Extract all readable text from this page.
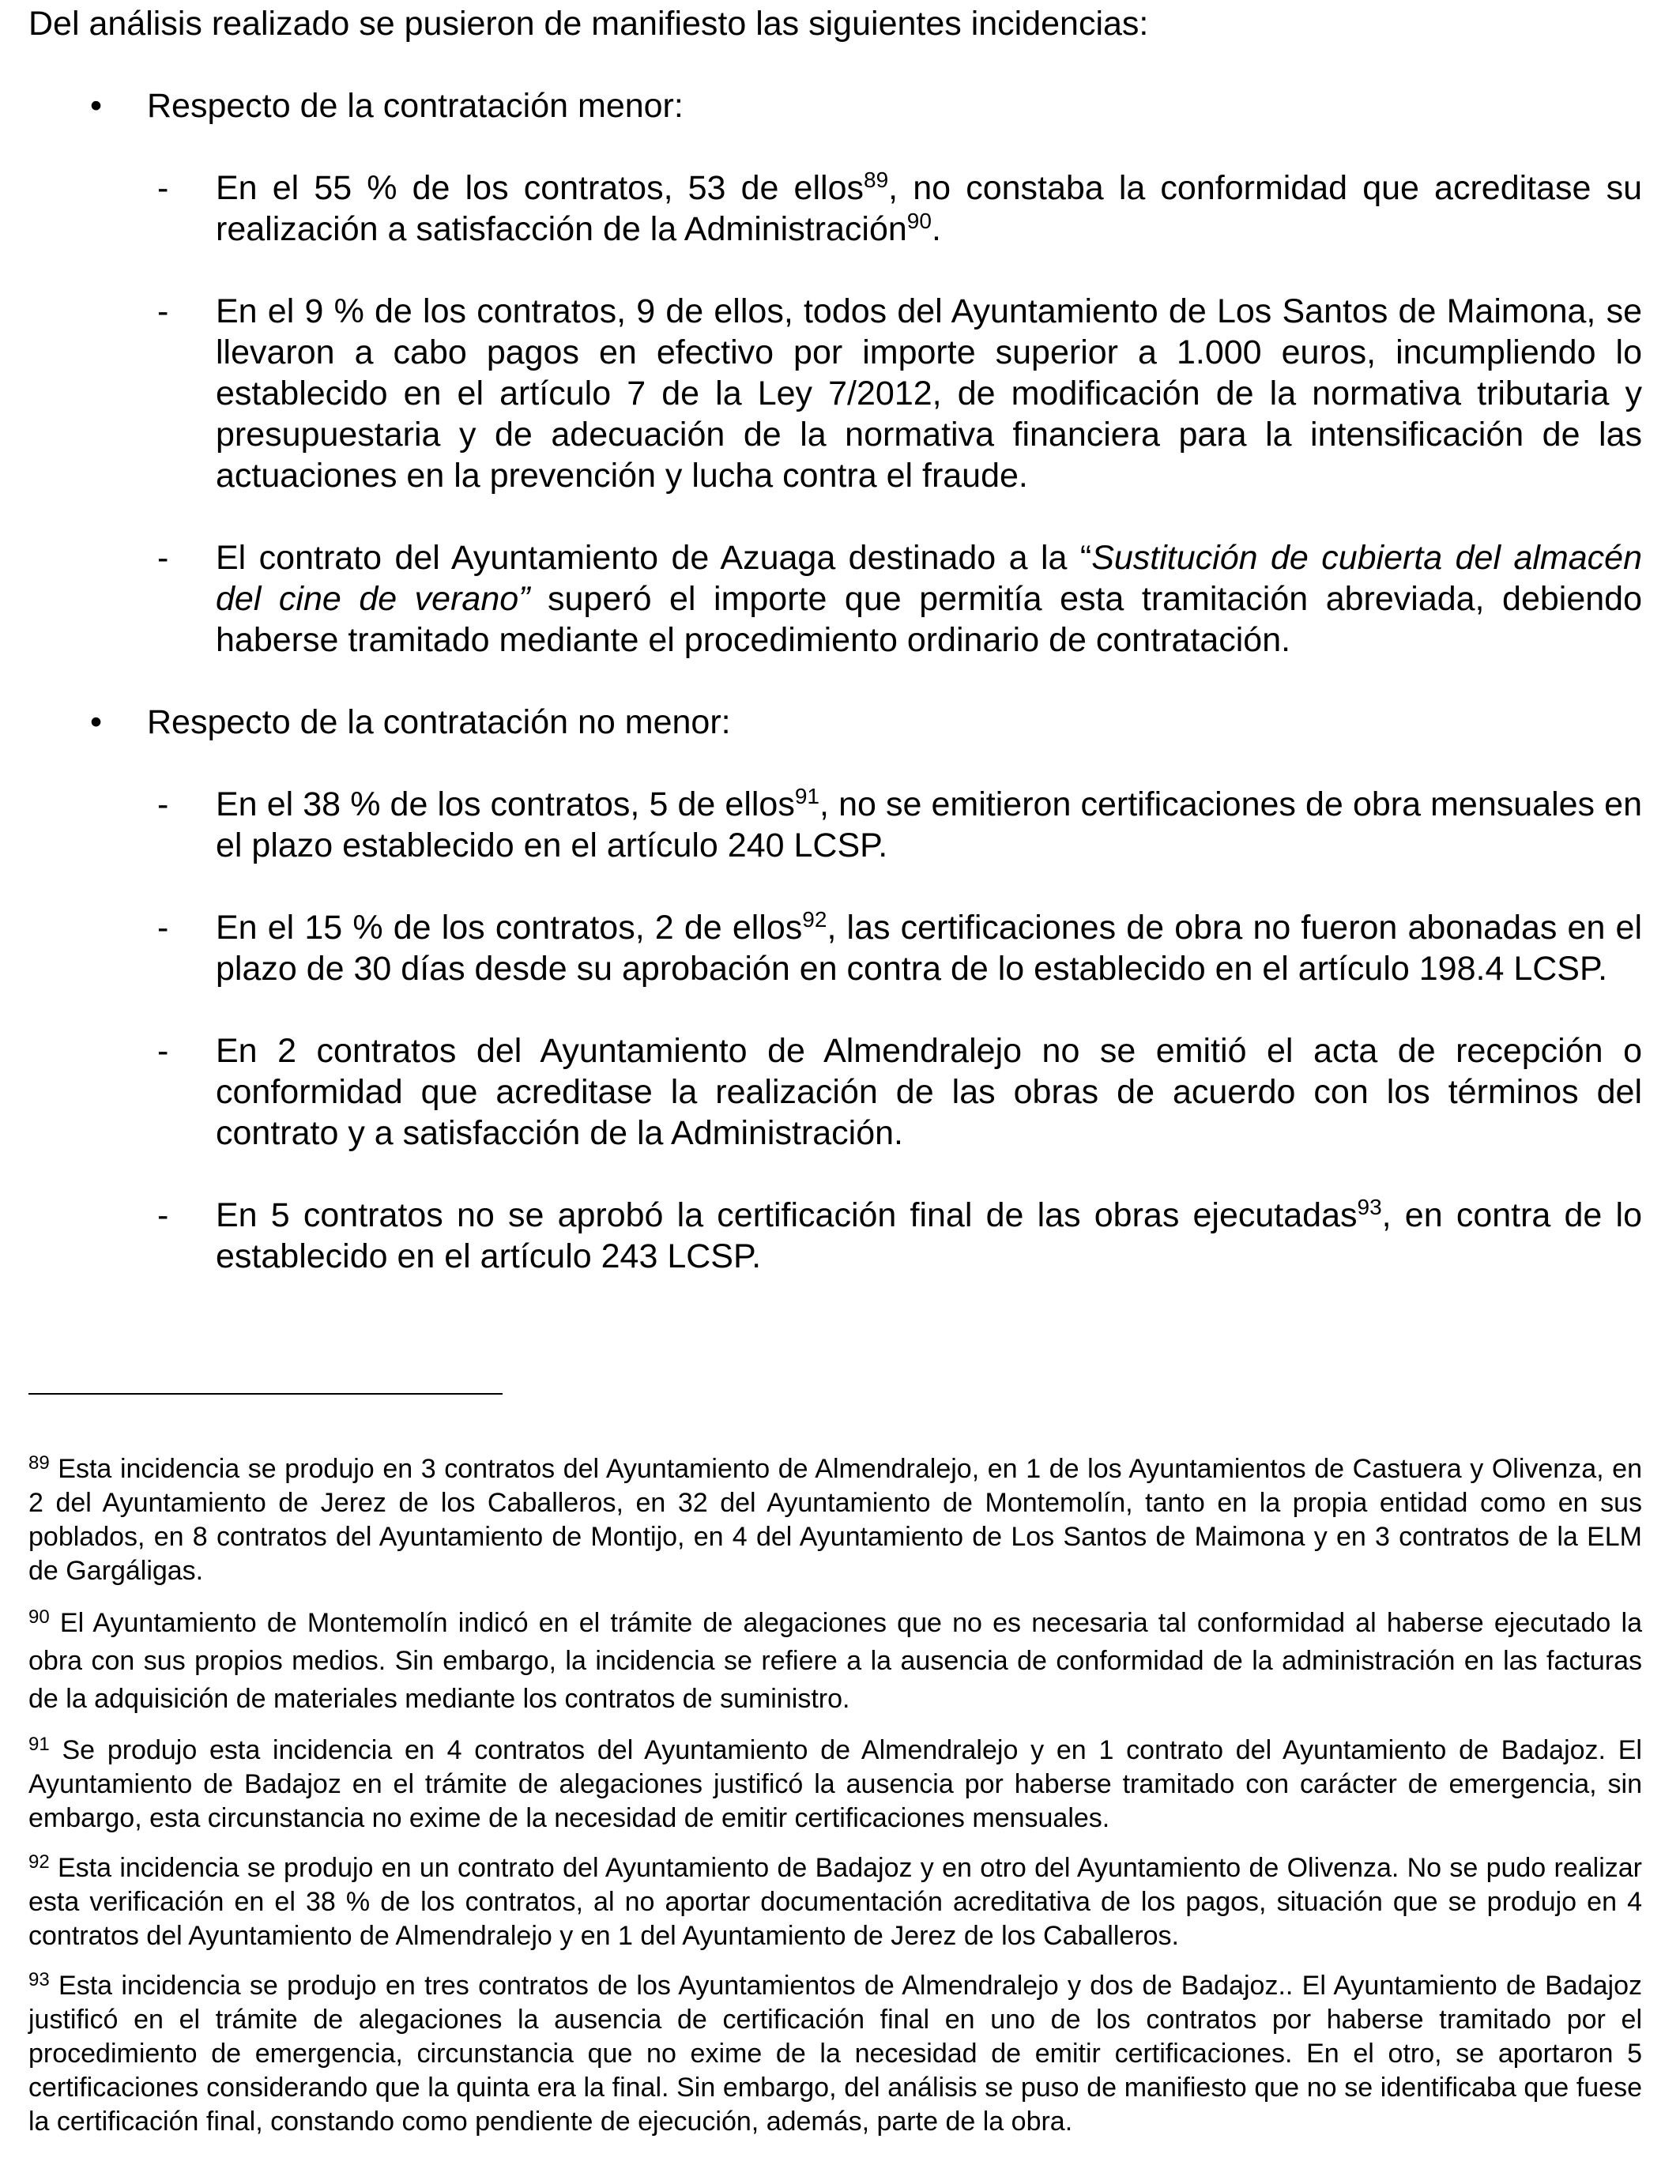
Del análisis realizado se pusieron de manifiesto las siguientes incidencias:

• Respecto de la contratación menor:
- En el 55 % de los contratos, 53 de ellos$^{89}$, no constaba la conformidad que acreditase su realización a satisfacción de la Administración$^{90}$.
- En el 9 % de los contratos, 9 de ellos, todos del Ayuntamiento de Los Santos de Maimona, se llevaron a cabo pagos en efectivo por importe superior a 1.000 euros, incumpliendo lo establecido en el artículo 7 de la Ley 7/2012, de modificación de la normativa tributaria y presupuestaria y de adecuación de la normativa financiera para la intensificación de las actuaciones en la prevención y lucha contra el fraude.
- El contrato del Ayuntamiento de Azuaga destinado a la “Sustitución de cubierta del almacén del cine de verano” superó el importe que permitía esta tramitación abreviada, debiendo haberse tramitado mediante el procedimiento ordinario de contratación.
• Respecto de la contratación no menor:
- En el 38 % de los contratos, 5 de ellos$^{91}$, no se emitieron certificaciones de obra mensuales en el plazo establecido en el artículo 240 LCSP.
- En el 15 % de los contratos, 2 de ellos$^{92}$, las certificaciones de obra no fueron abonadas en el plazo de 30 días desde su aprobación en contra de lo establecido en el artículo 198.4 LCSP.
- En 2 contratos del Ayuntamiento de Almendralejo no se emitió el acta de recepción o conformidad que acreditase la realización de las obras de acuerdo con los términos del contrato y a satisfacción de la Administración.
- En 5 contratos no se aprobó la certificación final de las obras ejecutadas$^{93}$, en contra de lo establecido en el artículo 243 LCSP.

$^{89}$ Esta incidencia se produjo en 3 contratos del Ayuntamiento de Almendralejo, en 1 de los Ayuntamientos de Castuera y Olivenza, en 2 del Ayuntamiento de Jerez de los Caballeros, en 32 del Ayuntamiento de Montemolín, tanto en la propia entidad como en sus poblados, en 8 contratos del Ayuntamiento de Montijo, en 4 del Ayuntamiento de Los Santos de Maimona y en 3 contratos de la ELM de Gargáligas.

$^{90}$ El Ayuntamiento de Montemolín indicó en el trámite de alegaciones que no es necesaria tal conformidad al haberse ejecutado la obra con sus propios medios. Sin embargo, la incidencia se refiere a la ausencia de conformidad de la administración en las facturas de la adquisición de materiales mediante los contratos de suministro.

$^{91}$ Se produjo esta incidencia en 4 contratos del Ayuntamiento de Almendralejo y en 1 contrato del Ayuntamiento de Badajoz. El Ayuntamiento de Badajoz en el trámite de alegaciones justificó la ausencia por haberse tramitado con carácter de emergencia, sin embargo, esta circunstancia no exime de la necesidad de emitir certificaciones mensuales.

$^{92}$ Esta incidencia se produjo en un contrato del Ayuntamiento de Badajoz y en otro del Ayuntamiento de Olivenza. No se pudo realizar esta verificación en el 38 % de los contratos, al no aportar documentación acreditativa de los pagos, situación que se produjo en 4 contratos del Ayuntamiento de Almendralejo y en 1 del Ayuntamiento de Jerez de los Caballeros.

$^{93}$ Esta incidencia se produjo en tres contratos de los Ayuntamientos de Almendralejo y dos de Badajoz.. El Ayuntamiento de Badajoz justificó en el trámite de alegaciones la ausencia de certificación final en uno de los contratos por haberse tramitado por el procedimiento de emergencia, circunstancia que no exime de la necesidad de emitir certificaciones. En el otro, se aportaron 5 certificaciones considerando que la quinta era la final. Sin embargo, del análisis se puso de manifiesto que no se identificaba que fuese la certificación final, constando como pendiente de ejecución, además, parte de la obra.
